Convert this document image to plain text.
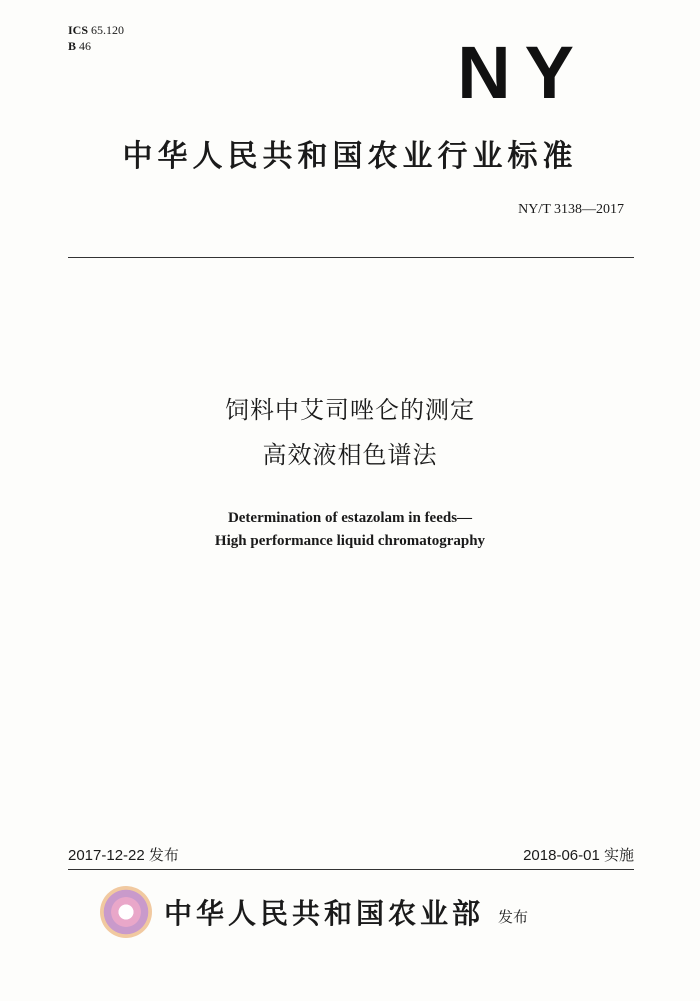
ICS 65.120
B 46	NY
中华人民共和国农业行业标准
NY/T 3138—2017
饲料中艾司唑仑的测定
高效液相色谱法
Determination of estazolam in feeds—
High performance liquid chromatography
2017-12-22 发布	2018-06-01 实施
中华人民共和国农业部 发布
